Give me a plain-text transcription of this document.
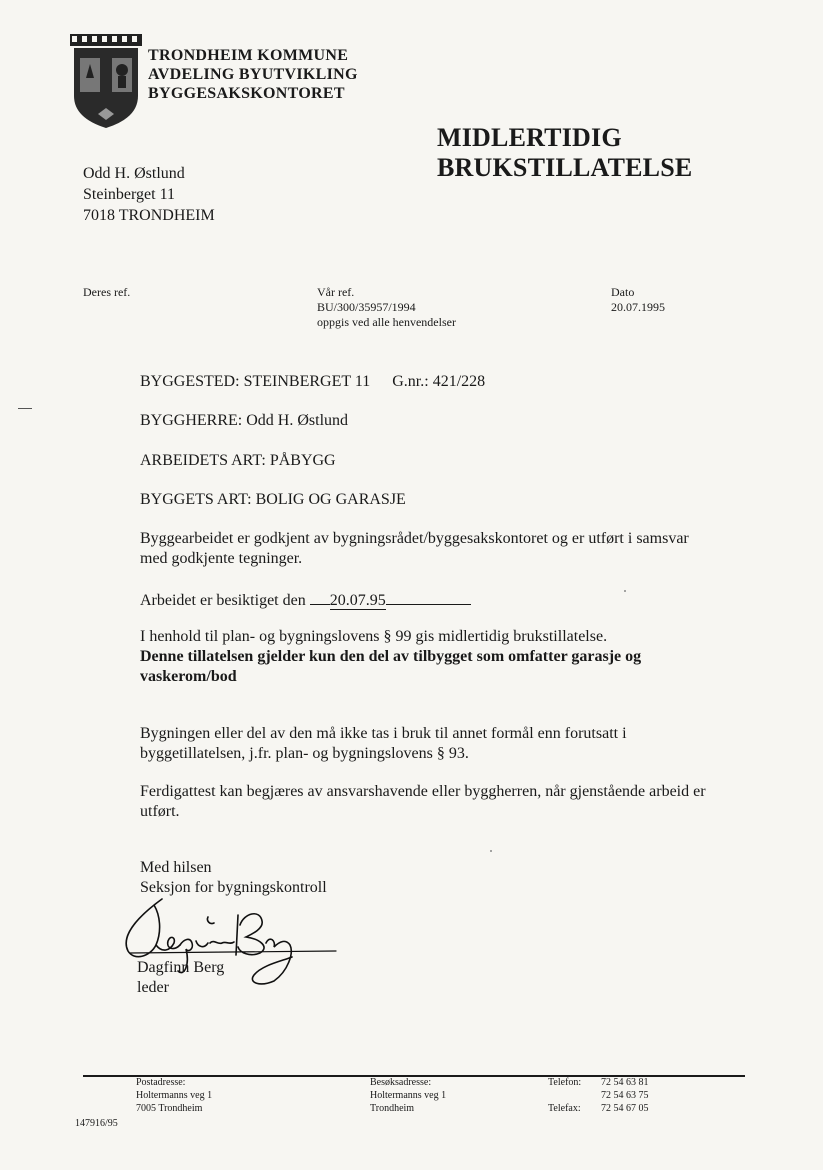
TRONDHEIM KOMMUNE
AVDELING BYUTVIKLING
BYGGESAKSKONTORET
MIDLERTIDIG
BRUKSTILLATELSE
Odd H. Østlund
Steinberget 11
7018 TRONDHEIM
Deres ref.	Vår ref.
BU/300/35957/1994
oppgis ved alle henvendelser
Dato
20.07.1995
BYGGESTED: STEINBERGET 11 G.nr.: 421/228
BYGGHERRE: Odd H. Østlund
ARBEIDETS ART: PÅBYGG
BYGGETS ART: BOLIG OG GARASJE
Byggearbeidet er godkjent av bygningsrådet/byggesakskontoret og er utført i samsvar
med godkjente tegninger.
Arbeidet er besiktiget den 20.07.95
I henhold til plan- og bygningslovens § 99 gis midlertidig brukstillatelse.
Denne tillatelsen gjelder kun den del av tilbygget som omfatter garasje og
vaskerom/bod
Bygningen eller del av den må ikke tas i bruk til annet formål enn forutsatt i
byggetillatelsen, j.fr. plan- og bygningslovens § 93.
Ferdigattest kan begjæres av ansvarshavende eller byggherren, når gjenstående arbeid er
utført.
Med hilsen
Seksjon for bygningskontroll
Dagfinn Berg
leder
Postadresse:
Holtermanns veg 1
7005 Trondheim
Besøksadresse:
Holtermanns veg 1
Trondheim
Telefon:

Telefax:
72 54 63 81
72 54 63 75
72 54 67 05
147916/95
